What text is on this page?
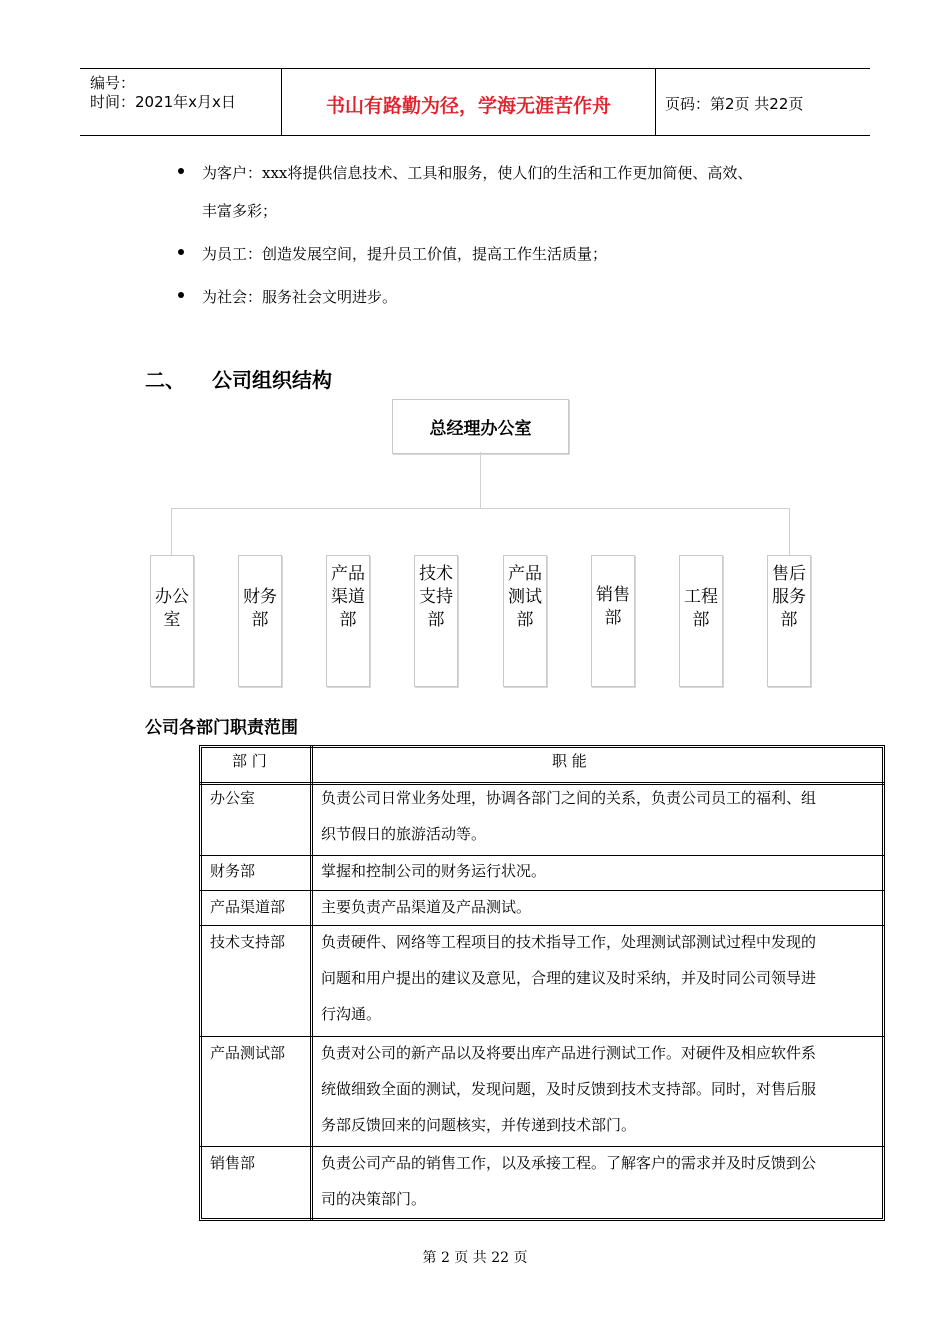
编号：
时间：2021年x月x日	书山有路勤为径，学海无涯苦作舟	页码：第2页 共22页
为客户：xxx将提供信息技术、工具和服务，使人们的生活和工作更加简便、高效、
丰富多彩；
为员工：创造发展空间，提升员工价值，提高工作生活质量；
为社会：服务社会文明进步。
二、 公司组织结构
总经理办公室
办公室
财务部
产品渠道部
技术支持部
产品测试部
销售部
工程部
售后服务部
公司各部门职责范围
部 门	职 能
办公室	负责公司日常业务处理，协调各部门之间的关系，负责公司员工的福利、组
织节假日的旅游活动等。
财务部	掌握和控制公司的财务运行状况。
产品渠道部 主要负责产品渠道及产品测试。
技术支持部 负责硬件、网络等工程项目的技术指导工作，处理测试部测试过程中发现的
问题和用户提出的建议及意见，合理的建议及时采纳，并及时同公司领导进
行沟通。
产品测试部 负责对公司的新产品以及将要出库产品进行测试工作。对硬件及相应软件系
统做细致全面的测试，发现问题，及时反馈到技术支持部。同时，对售后服
务部反馈回来的问题核实，并传递到技术部门。
销售部	负责公司产品的销售工作，以及承接工程。了解客户的需求并及时反馈到公
司的决策部门。
第 2 页 共 22 页
